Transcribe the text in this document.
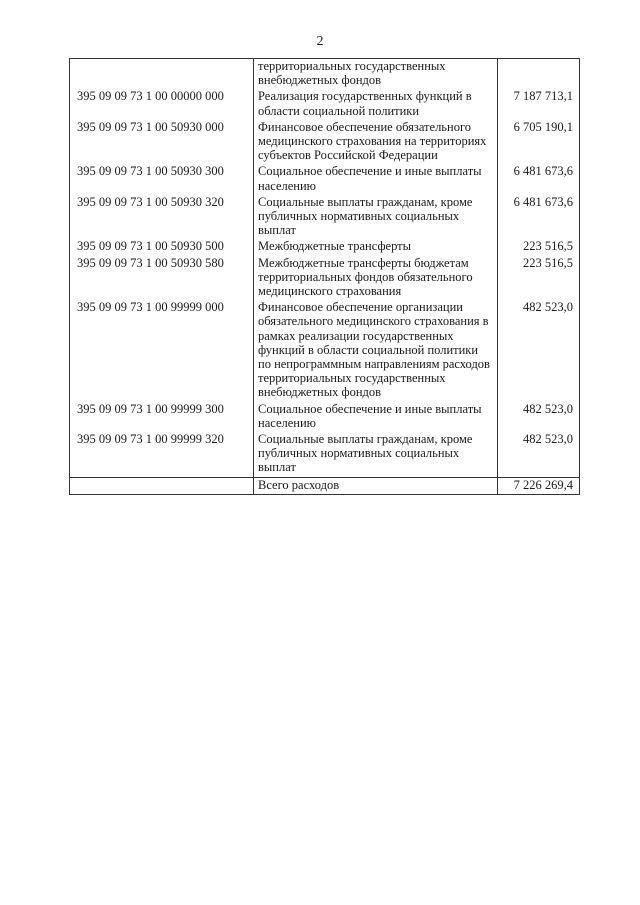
2
	территориальных государственных внебюджетных фондов	
395 09 09 73 1 00 00000 000	Реализация государственных функций в области социальной политики	7 187 713,1
395 09 09 73 1 00 50930 000	Финансовое обеспечение обязательного медицинского страхования на территориях субъектов Российской Федерации	6 705 190,1
395 09 09 73 1 00 50930 300	Социальное обеспечение и иные выплаты населению	6 481 673,6
395 09 09 73 1 00 50930 320	Социальные выплаты гражданам, кроме публичных нормативных социальных выплат	6 481 673,6
395 09 09 73 1 00 50930 500	Межбюджетные трансферты	223 516,5
395 09 09 73 1 00 50930 580	Межбюджетные трансферты бюджетам территориальных фондов обязательного медицинского страхования	223 516,5
395 09 09 73 1 00 99999 000	Финансовое обеспечение организации обязательного медицинского страхования в рамках реализации государственных функций в области социальной политики по непрограммным направлениям расходов территориальных государственных внебюджетных фондов	482 523,0
395 09 09 73 1 00 99999 300	Социальное обеспечение и иные выплаты населению	482 523,0
395 09 09 73 1 00 99999 320	Социальные выплаты гражданам, кроме публичных нормативных социальных выплат	482 523,0
	Всего расходов	7 226 269,4
